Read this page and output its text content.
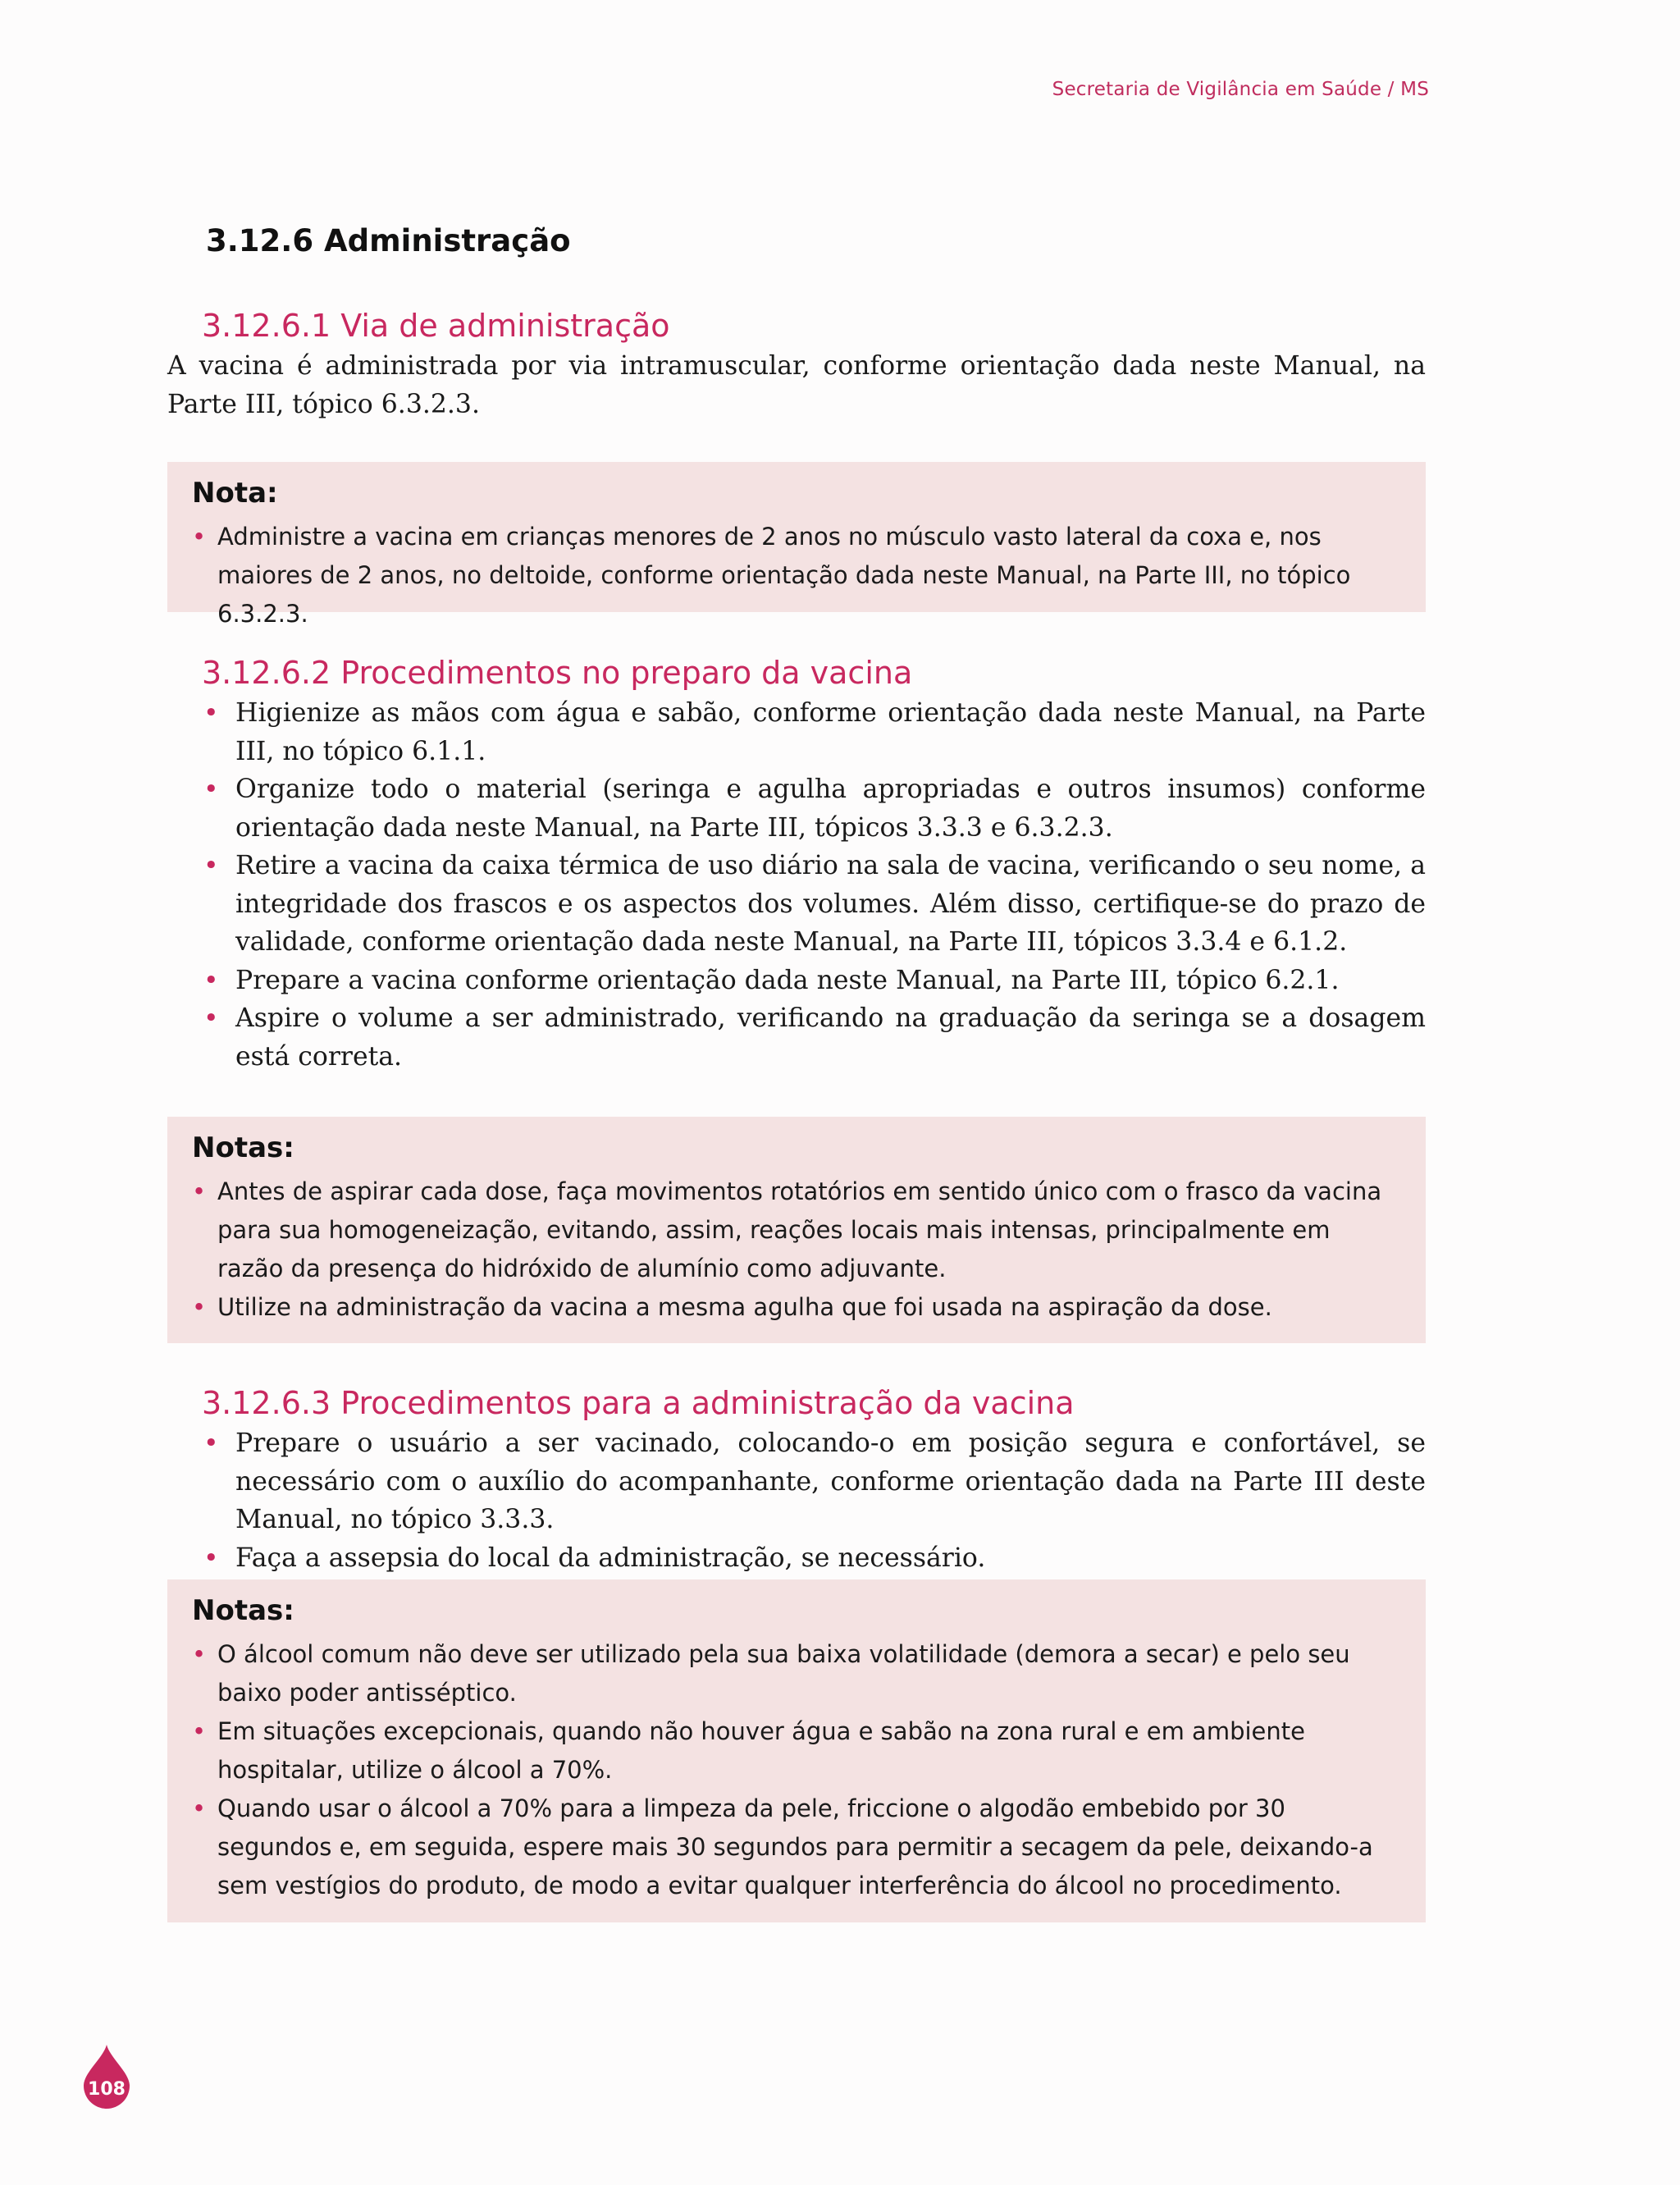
Secretaria de Vigilância em Saúde / MS
3.12.6 Administração
3.12.6.1 Via de administração

A vacina é administrada por via intramuscular, conforme orientação dada neste Manual, na Parte III, tópico 6.3.2.3.

Nota:
• Administre a vacina em crianças menores de 2 anos no músculo vasto lateral da coxa e, nos maiores de 2 anos, no deltoide, conforme orientação dada neste Manual, na Parte III, no tópico 6.3.2.3.
3.12.6.2 Procedimentos no preparo da vacina
• Higienize as mãos com água e sabão, conforme orientação dada neste Manual, na Parte III, no tópico 6.1.1.
• Organize todo o material (seringa e agulha apropriadas e outros insumos) conforme orientação dada neste Manual, na Parte III, tópicos 3.3.3 e 6.3.2.3.
• Retire a vacina da caixa térmica de uso diário na sala de vacina, verificando o seu nome, a integridade dos frascos e os aspectos dos volumes. Além disso, certifique-se do prazo de validade, conforme orientação dada neste Manual, na Parte III, tópicos 3.3.4 e 6.1.2.
• Prepare a vacina conforme orientação dada neste Manual, na Parte III, tópico 6.2.1.
• Aspire o volume a ser administrado, verificando na graduação da seringa se a dosagem está correta.
Notas:
• Antes de aspirar cada dose, faça movimentos rotatórios em sentido único com o frasco da vacina para sua homogeneização, evitando, assim, reações locais mais intensas, principalmente em razão da presença do hidróxido de alumínio como adjuvante.
• Utilize na administração da vacina a mesma agulha que foi usada na aspiração da dose.
3.12.6.3 Procedimentos para a administração da vacina
• Prepare o usuário a ser vacinado, colocando-o em posição segura e confortável, se necessário com o auxílio do acompanhante, conforme orientação dada na Parte III deste Manual, no tópico 3.3.3.
• Faça a assepsia do local da administração, se necessário.
Notas:
• O álcool comum não deve ser utilizado pela sua baixa volatilidade (demora a secar) e pelo seu baixo poder antisséptico.
• Em situações excepcionais, quando não houver água e sabão na zona rural e em ambiente hospitalar, utilize o álcool a 70%.
• Quando usar o álcool a 70% para a limpeza da pele, friccione o algodão embebido por 30 segundos e, em seguida, espere mais 30 segundos para permitir a secagem da pele, deixando-a sem vestígios do produto, de modo a evitar qualquer interferência do álcool no procedimento.
108
